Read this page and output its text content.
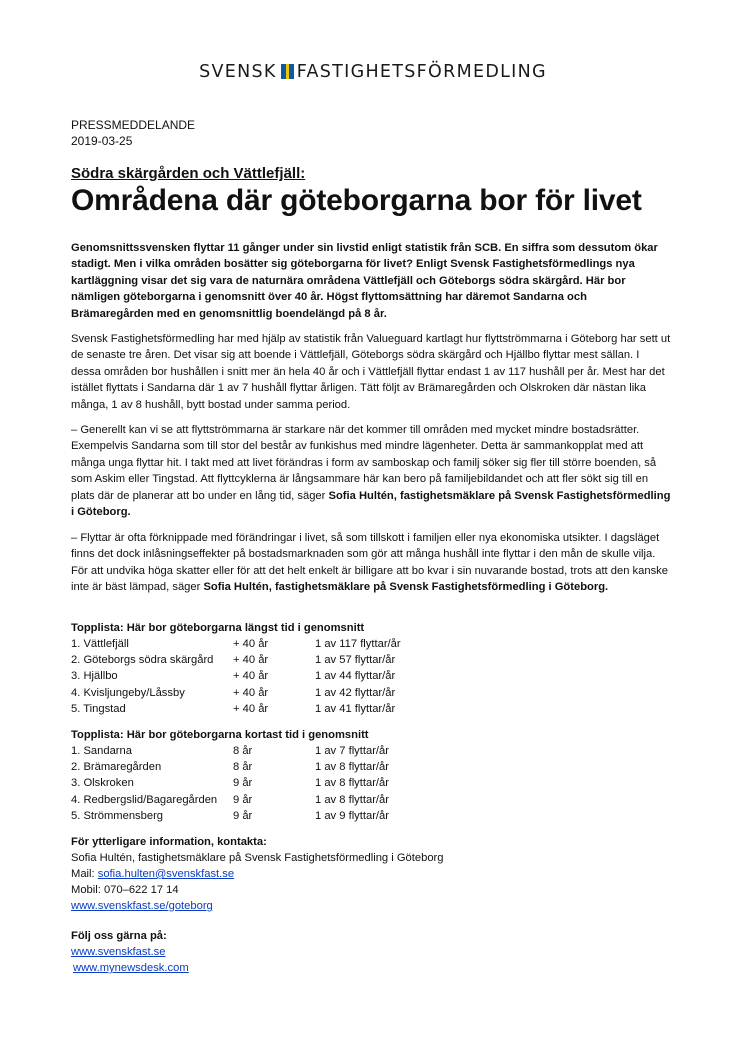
SVENSK FASTIGHETSFÖRMEDLING
PRESSMEDDELANDE
2019-03-25
Södra skärgården och Vättlefjäll:
Områdena där göteborgarna bor för livet
Genomsnittssvensken flyttar 11 gånger under sin livstid enligt statistik från SCB. En siffra som dessutom ökar stadigt. Men i vilka områden bosätter sig göteborgarna för livet? Enligt Svensk Fastighetsförmedlings nya kartläggning visar det sig vara de naturnära områdena Vättlefjäll och Göteborgs södra skärgård. Här bor nämligen göteborgarna i genomsnitt över 40 år. Högst flyttomsättning har däremot Sandarna och Brämaregården med en genomsnittlig boendelängd på 8 år.
Svensk Fastighetsförmedling har med hjälp av statistik från Valueguard kartlagt hur flyttströmmarna i Göteborg har sett ut de senaste tre åren. Det visar sig att boende i Vättlefjäll, Göteborgs södra skärgård och Hjällbo flyttar mest sällan. I dessa områden bor hushållen i snitt mer än hela 40 år och i Vättlefjäll flyttar endast 1 av 117 hushåll per år. Mest har det istället flyttats i Sandarna där 1 av 7 hushåll flyttar årligen. Tätt följt av Brämaregården och Olskroken där nästan lika många, 1 av 8 hushåll, bytt bostad under samma period.
– Generellt kan vi se att flyttströmmarna är starkare när det kommer till områden med mycket mindre bostadsrätter. Exempelvis Sandarna som till stor del består av funkishus med mindre lägenheter. Detta är sammankopplat med att många unga flyttar hit. I takt med att livet förändras i form av samboskap och familj söker sig fler till större boenden, så som Askim eller Tingstad. Att flyttcyklerna är långsammare här kan bero på familjebildandet och att fler sökt sig till en plats där de planerar att bo under en lång tid, säger Sofia Hultén, fastighetsmäklare på Svensk Fastighetsförmedling i Göteborg.
– Flyttar är ofta förknippade med förändringar i livet, så som tillskott i familjen eller nya ekonomiska utsikter. I dagsläget finns det dock inlåsningseffekter på bostadsmarknaden som gör att många hushåll inte flyttar i den mån de skulle vilja. För att undvika höga skatter eller för att det helt enkelt är billigare att bo kvar i sin nuvarande bostad, trots att den kanske inte är bäst lämpad, säger Sofia Hultén, fastighetsmäklare på Svensk Fastighetsförmedling i Göteborg.
Topplista: Här bor göteborgarna längst tid i genomsnitt
1. Vättlefjäll	+ 40 år	1 av 117 flyttar/år
2. Göteborgs södra skärgård + 40 år	1 av 57 flyttar/år
3. Hjällbo	+ 40 år	1 av 44 flyttar/år
4. Kvisljungeby/Låssby	+ 40 år	1 av 42 flyttar/år
5. Tingstad	+ 40 år	1 av 41 flyttar/år
Topplista: Här bor göteborgarna kortast tid i genomsnitt
1. Sandarna	8 år	1 av 7 flyttar/år
2. Brämaregården	8 år	1 av 8 flyttar/år
3. Olskroken	9 år	1 av 8 flyttar/år
4. Redbergslid/Bagaregården 9 år	1 av 8 flyttar/år
5. Strömmensberg	9 år	1 av 9 flyttar/år
För ytterligare information, kontakta:
Sofia Hultén, fastighetsmäklare på Svensk Fastighetsförmedling i Göteborg
Mail: sofia.hulten@svenskfast.se
Mobil: 070–622 17 14
www.svenskfast.se/goteborg
Följ oss gärna på:
www.svenskfast.se
www.mynewsdesk.com
